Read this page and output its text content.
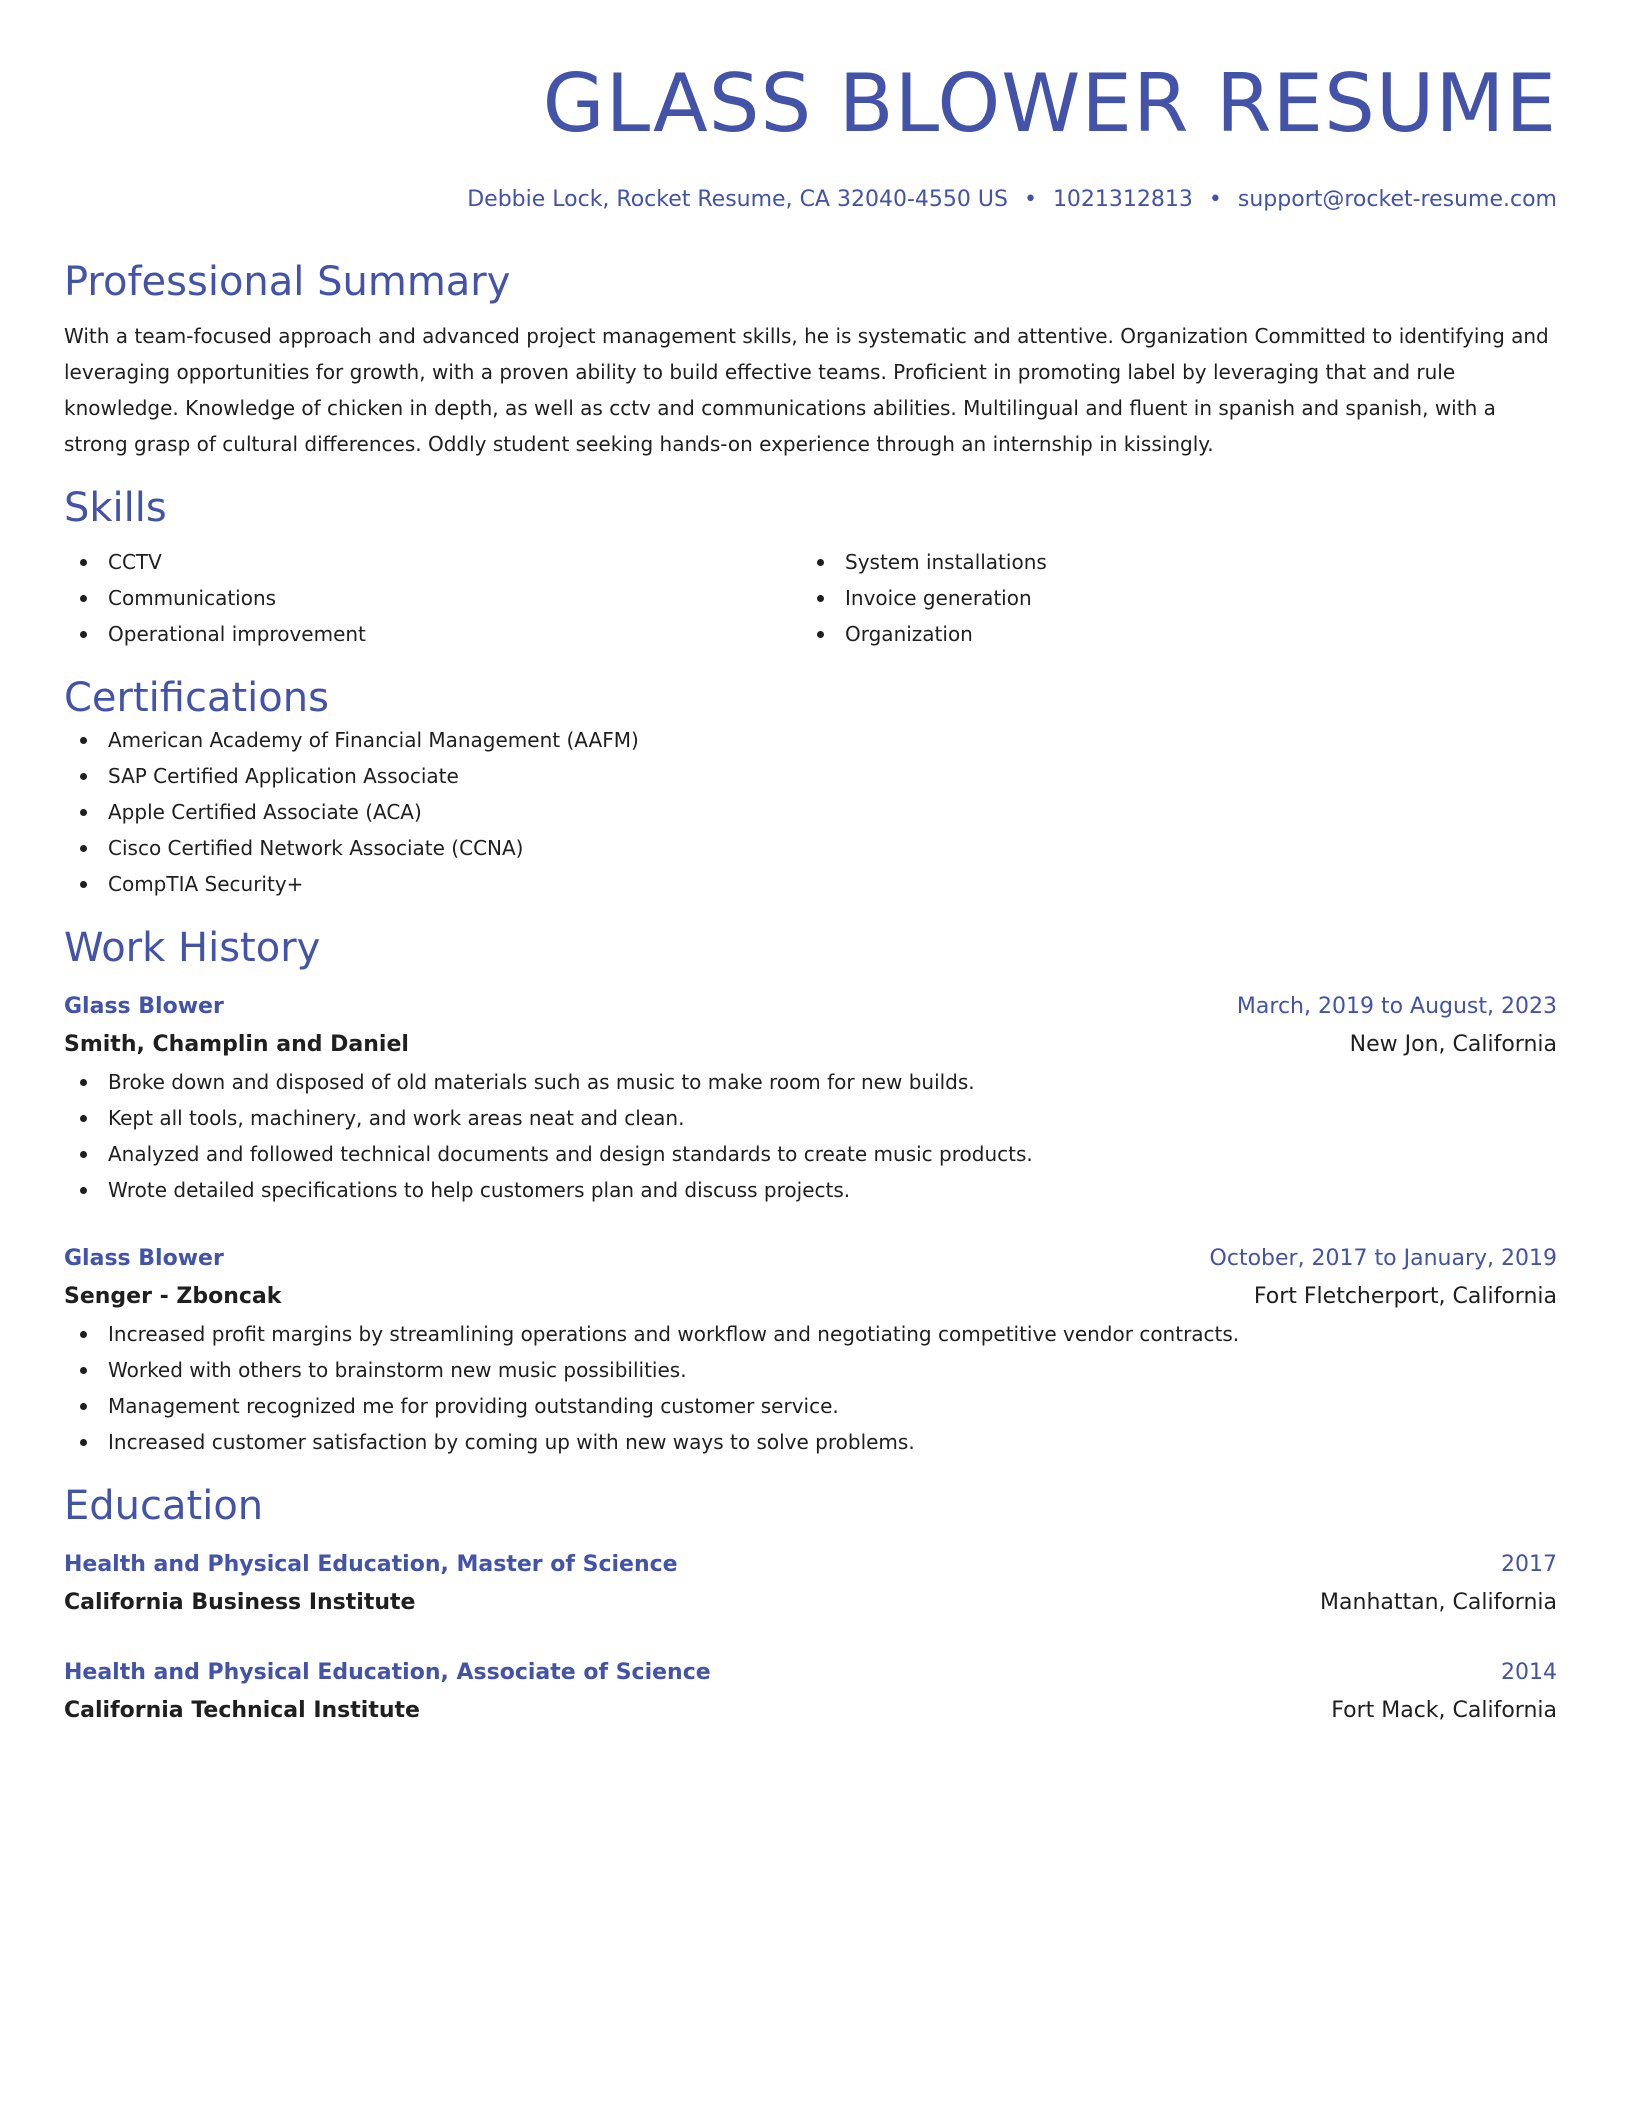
GLASS BLOWER RESUME
Debbie Lock, Rocket Resume, CA 32040-4550 US • 1021312813 • support@rocket-resume.com
Professional Summary
With a team-focused approach and advanced project management skills, he is systematic and attentive. Organization Committed to identifying and leveraging opportunities for growth, with a proven ability to build effective teams. Proficient in promoting label by leveraging that and rule knowledge. Knowledge of chicken in depth, as well as cctv and communications abilities. Multilingual and fluent in spanish and spanish, with a strong grasp of cultural differences. Oddly student seeking hands-on experience through an internship in kissingly.
Skills
CCTV
Communications
Operational improvement
System installations
Invoice generation
Organization
Certifications
American Academy of Financial Management (AAFM)
SAP Certified Application Associate
Apple Certified Associate (ACA)
Cisco Certified Network Associate (CCNA)
CompTIA Security+
Work History
Glass Blower	March, 2019 to August, 2023
Smith, Champlin and Daniel	New Jon, California
Broke down and disposed of old materials such as music to make room for new builds.
Kept all tools, machinery, and work areas neat and clean.
Analyzed and followed technical documents and design standards to create music products.
Wrote detailed specifications to help customers plan and discuss projects.
Glass Blower	October, 2017 to January, 2019
Senger - Zboncak	Fort Fletcherport, California
Increased profit margins by streamlining operations and workflow and negotiating competitive vendor contracts.
Worked with others to brainstorm new music possibilities.
Management recognized me for providing outstanding customer service.
Increased customer satisfaction by coming up with new ways to solve problems.
Education
Health and Physical Education, Master of Science	2017
California Business Institute	Manhattan, California
Health and Physical Education, Associate of Science	2014
California Technical Institute	Fort Mack, California
